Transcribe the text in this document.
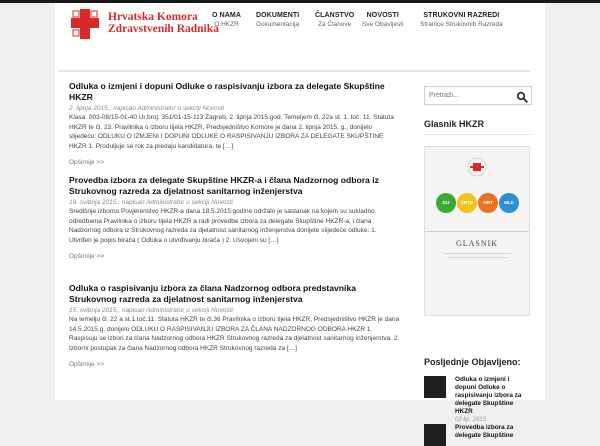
Hrvatska Komora
Zdravstvenih Radnika
O NAMA
O HKZR
DOKUMENTI
Dokumentacija
ČLANSTVO
Za Članove
NOVOSTI
Sve Obavijesti
STRUKOVNI RAZREDI
Stranice Strukovnih Razreda
Odluka o izmjeni i dopuni Odluke o raspisivanju izbora za delegate Skupštine HKZR
2. lipnja 2015., napisao Administrator u sekciji Novosti
Klasa: 003-08/15-01-40 Ur.broj: 351/01-15-113 Zagreb, 2. lipnja 2015.god. Temeljem čl. 22a st. 1. toč. 11. Statuta HKZR te čl. 23. Pravilnika o izboru tijela HKZR, Predsjedništvo Komore je dana 2. lipnja 2015. g., donijelo slijedeću: ODLUKU O IZMJENI I DOPUNI ODLUKE O RASPISIVANJU IZBORA ZA DELEGATE SKUPŠTINE HKZR 1. Produljuje se rok za predaju kandidatura, te […]
Opširnije >>
Provedba izbora za delegate Skupštine HKZR-a i člana Nadzornog odbora iz Strukovnog razreda za djelatnost sanitarnog inženjerstva
19. svibnja 2015., napisao Administrator u sekciji Novosti
Središnje izborno Povjerenstvo HKZR-a dana 18.5.2015.godine održalo je sastanak na kojem su sukladno odredbama Pravilnika o izboru tijela HKZR a radi provedbe izbora za delegate Skupštine HKZR-a, i člana Nadzornog odbora iz Strukovnog razreda za djelatnost sanitarnog inženjerstva donijete slijedeće odluke: 1. Utvrđen je popis birača ( Odluka o utvrđivanju birača ) 2. Usvojeni su […]
Opširnije >>
Odluka o raspisivanju izbora za člana Nadzornog odbora predstavnika Strukovnog razreda za djelatnost sanitarnog inženjerstva
15. svibnja 2015., napisao Administrator u sekciji Novosti
Na temelju čl. 22 a st.1.toč.11. Statuta HKZR te čl.36 Pravilnika o izboru tijela HKZR, Predsjedništvo HKZR je dana 14.5.2015.g. donijelo ODLUKU O RASPISIVANJU IZBORA ZA ČLANA NADZORNOG ODBORA HKZR 1. Raspisuju se izbori za člana Nadzornog odbora HKZR Strukovnog razreda za djelatnost sanitarnog inženjerstva. 2. Izborni postupak za člana Nadzornog odbora HKZR Strukovnog razreda za […]
Opširnije >>
Pretraži...
Glasnik HKZR
DIJ	ZRTD	ORT	MLD
GLASNIK
Posljednje Objavljeno:
Odluka o izmjeni i dopuni Odluke o raspisivanju izbora za delegate Skupštine HKZR
02 lip. 2015
Provedba izbora za delegate Skupštine
